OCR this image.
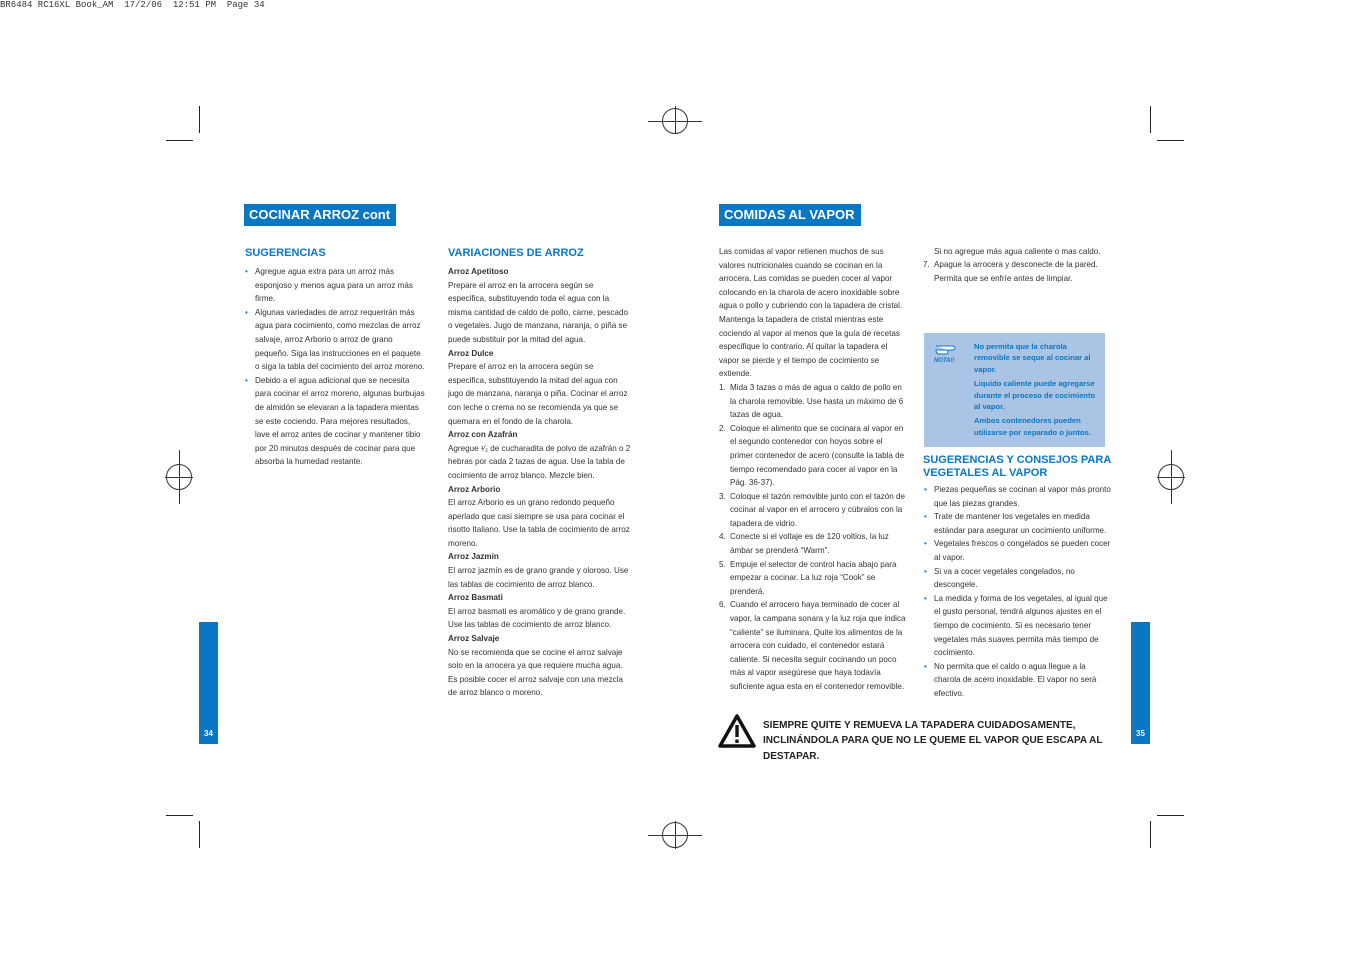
BR6484 RC16XL Book_AM  17/2/06  12:51 PM  Page 34
COCINAR ARROZ cont
SUGERENCIAS
• Agregue agua extra para un arroz más esponjoso y menos agua para un arroz más firme.
• Algunas variedades de arroz requerirán más agua para cocimiento, como mezclas de arroz salvaje, arroz Arborio o arroz de grano pequeño. Siga las instrucciones en el paquete o siga la tabla del cocimiento del arroz moreno.
• Debido a el agua adicional que se necesita para cocinar el arroz moreno, algunas burbujas de almidón se elevaran a la tapadera mientas se este cociendo. Para mejores resultados, lave el arroz antes de cocinar y mantener tibio por 20 minutos después de cocinar para que absorba la humedad restante.
VARIACIONES DE ARROZ

Arroz Apetitoso

Prepare el arroz en la arrocera según se especifica, substituyendo toda el agua con la misma cantidad de caldo de pollo, carne, pescado o vegetales. Jugo de manzana, naranja, o piña se puede substituir por la mitad del agua.

Arroz Dulce

Prepare el arroz en la arrocera según se especifica, substituyendo la mitad del agua con jugo de manzana, naranja o piña. Cocinar el arroz con leche o crema no se recomienda ya que se quemara en el fondo de la charola.

Arroz con Azafrán

Agregue ¹⁄₂ de cucharadita de polvo de azafrán o 2 hebras por cada 2 tazas de agua. Use la tabla de cocimiento de arroz blanco. Mezcle bien.

Arroz Arborio

El arroz Arborio es un grano redondo pequeño aperlado que casi siempre se usa para cocinar el risotto Italiano. Use la tabla de cocimiento de arroz moreno.

Arroz Jazmín

El arroz jazmín es de grano grande y oloroso. Use las tablas de cocimiento de arroz blanco.

Arroz Basmati

El arroz basmati es aromático y de grano grande. Use las tablas de cocimiento de arroz blanco.

Arroz Salvaje

No se recomienda que se cocine el arroz salvaje solo en la arrocera ya que requiere mucha agua. Es posible cocer el arroz salvaje con una mezcla de arroz blanco o moreno.

34
COMIDAS AL VAPOR

Las comidas al vapor retienen muchos de sus valores nutricionales cuando se cocinan en la arrocera. Las comidas se pueden cocer al vapor colocando en la charola de acero inoxidable sobre agua o pollo y cubriendo con la tapadera de cristal. Mantenga la tapadera de cristal mientras este cociendo al vapor al menos que la guía de recetas especifique lo contrario. Al quitar la tapadera el vapor se pierde y el tiempo de cocimiento se extiende.

1. Mida 3 tazas o más de agua o caldo de pollo en la charola removible. Use hasta un máximo de 6 tazas de agua.
2. Coloque el alimento que se cocinara al vapor en el segundo contenedor con hoyos sobre el primer contenedor de acero (consulte la tabla de tiempo recomendado para cocer al vapor en la Pág. 36-37).
3. Coloque el tazón removible junto con el tazón de cocinar al vapor en el arrocero y cúbralos con la tapadera de vidrio.
4. Conecte si el voltaje es de 120 voltios, la luz ámbar se prenderá “Warm”.
5. Empuje el selector de control hacia abajo para empezar a cocinar. La luz roja “Cook” se prenderá.
6. Cuando el arrocero haya terminado de cocer al vapor, la campana sonara y la luz roja que indica “caliente” se iluminara. Quite los alimentos de la arrocera con cuidado, el contenedor estará caliente. Si necesita seguir cocinando un poco más al vapor asegúrese que haya todavía suficiente agua esta en el contenedor removible.

Si no agregue más agua caliente o mas caldo.
7. Apague la arrocera y desconecte de la pared. Permita que se enfríe antes de limpiar.
NOTA!!

No permita que la charola removible se seque al cocinar al vapor.

Liquido caliente puede agregarse durante el proceso de cocimiento al vapor.

Ambos contenedores pueden utilizarse por separado o juntos.

SUGERENCIAS Y CONSEJOS PARA VEGETALES AL VAPOR
• Piezas pequeñas se cocinan al vapor más pronto que las piezas grandes.
• Trate de mantener los vegetales en medida estándar para asegurar un cocimiento uniforme.
• Vegetales frescos o congelados se pueden cocer al vapor.
• Si va a cocer vegetales congelados, no descongele.
• La medida y forma de los vegetales, al igual que el gusto personal, tendrá algunos ajustes en el tiempo de cocimiento. Si es necesario tener vegetales más suaves permita más tiempo de cocimiento.
• No permita que el caldo o agua llegue a la charola de acero inoxidable. El vapor no será efectivo.
SIEMPRE QUITE Y REMUEVA LA TAPADERA CUIDADOSAMENTE, INCLINÁNDOLA PARA QUE NO LE QUEME EL VAPOR QUE ESCAPA AL DESTAPAR.
35
